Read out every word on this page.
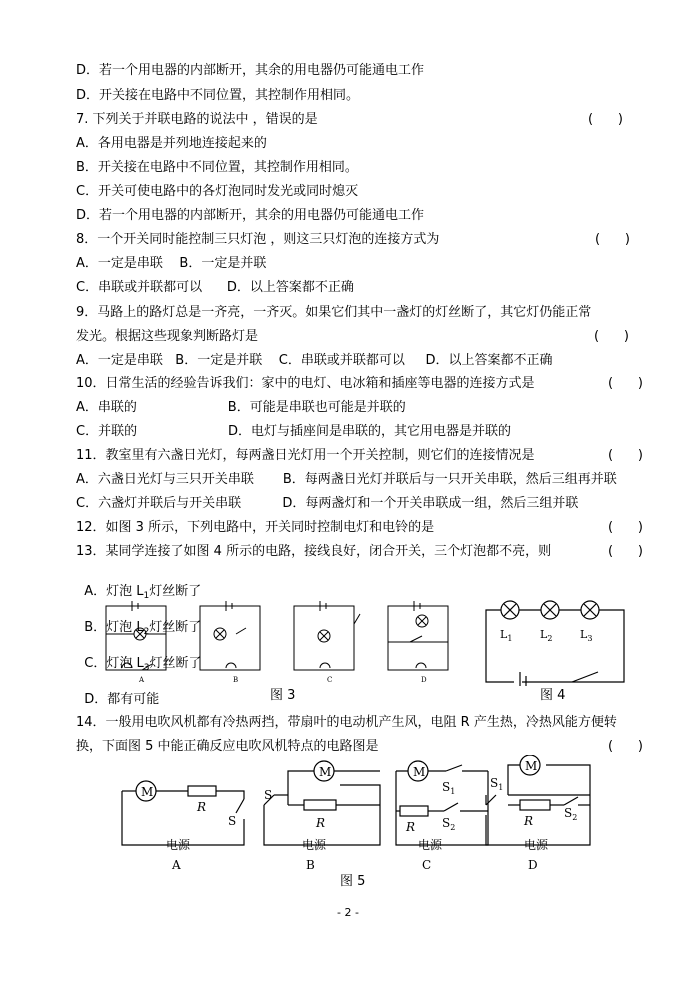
D．若一个用电器的内部断开，其余的用电器仍可能通电工作
D．开关接在电路中不同位置，其控制作用相同。
7. 下列关于并联电路的说法中 ，错误的是	(      )
A．各用电器是并列地连接起来的
B．开关接在电路中不同位置，其控制作用相同。
C．开关可使电路中的各灯泡同时发光或同时熄灭
D．若一个用电器的内部断开，其余的用电器仍可能通电工作
8．一个开关同时能控制三只灯泡 ，则这三只灯泡的连接方式为	(      )
A．一定是串联    B．一定是并联
C．串联或并联都可以      D．以上答案都不正确
9．马路上的路灯总是一齐亮，一齐灭。如果它们其中一盏灯的灯丝断了，其它灯仍能正常
发光。根据这些现象判断路灯是	(      )
A．一定是串联   B．一定是并联    C．串联或并联都可以     D．以上答案都不正确
10．日常生活的经验告诉我们：家中的电灯、电冰箱和插座等电器的连接方式是	(      )
A．串联的                      B．可能是串联也可能是并联的
C．并联的                      D．电灯与插座间是串联的，其它用电器是并联的
11．教室里有六盏日光灯，每两盏日光灯用一个开关控制，则它们的连接情况是	(      )
A．六盏日光灯与三只开关串联       B．每两盏日光灯并联后与一只开关串联，然后三组再并联
C．六盏灯并联后与开关串联          D．每两盏灯和一个开关串联成一组，然后三组并联
12．如图 3 所示，下列电路中，开关同时控制电灯和电铃的是	(      )
13．某同学连接了如图 4 所示的电路，接线良好，闭合开关，三个灯泡都不亮，则	(      )

A．灯泡 $L_1$灯丝断了

B．灯泡 $L_2$灯丝断了

C．灯泡 $L_3$灯丝断了

D．都有可能

A	B	C	D
图 3
$L_1$	$L_2$	$L_3$
图 4
14．一般用电吹风机都有冷热两挡，带扇叶的电动机产生风，电阻 R 产生热，冷热风能方便转
换，下面图 5 中能正确反应电吹风机特点的电路图是	(      )
M
R
S
电源
A
M
R
S
电源
B
M
$S_1$
R $S_2$
电源
C
M
$S_1$
$S_2$
R
电源
D
图 5
- 2 -
